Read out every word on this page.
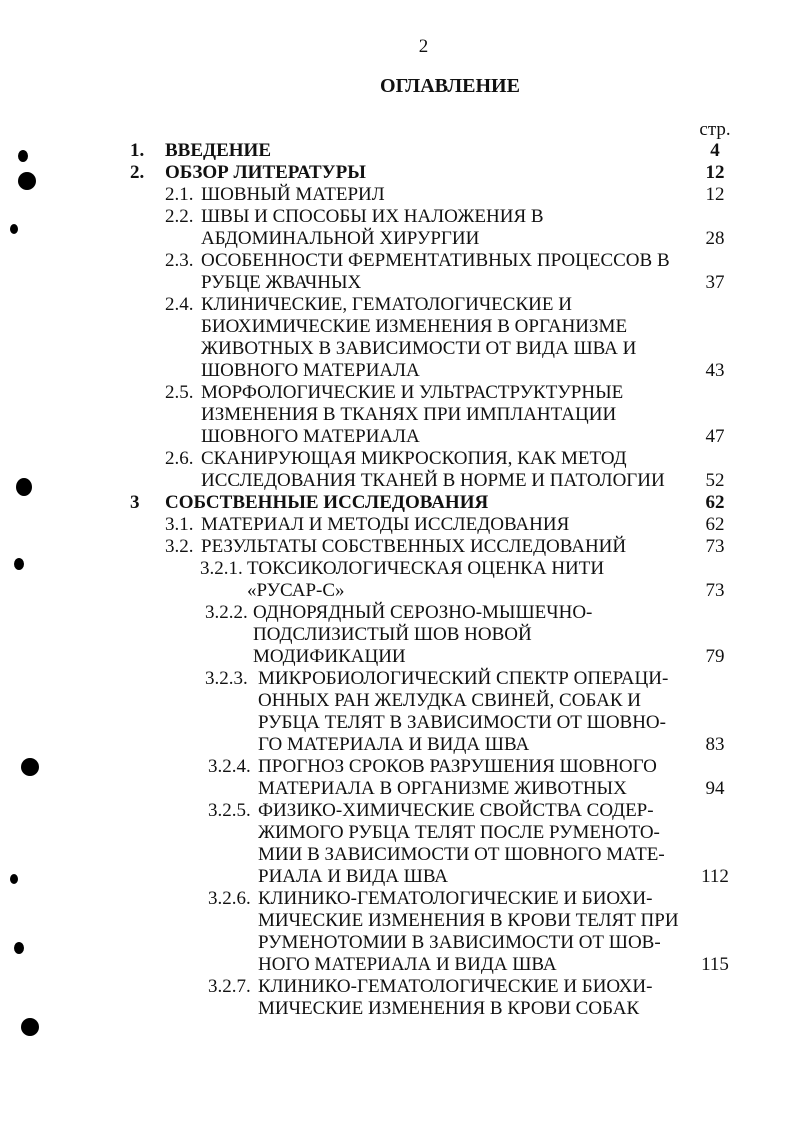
2
ОГЛАВЛЕНИЕ
стр.
1. ВВЕДЕНИЕ	4
2. ОБЗОР ЛИТЕРАТУРЫ	12
2.1. ШОВНЫЙ МАТЕРИЛ	12
2.2. ШВЫ И СПОСОБЫ ИХ НАЛОЖЕНИЯ В
АБДОМИНАЛЬНОЙ ХИРУРГИИ	28
2.3. ОСОБЕННОСТИ ФЕРМЕНТАТИВНЫХ ПРОЦЕССОВ В
РУБЦЕ ЖВАЧНЫХ	37
2.4. КЛИНИЧЕСКИЕ, ГЕМАТОЛОГИЧЕСКИЕ И
БИОХИМИЧЕСКИЕ ИЗМЕНЕНИЯ В ОРГАНИЗМЕ
ЖИВОТНЫХ В ЗАВИСИМОСТИ ОТ ВИДА ШВА И
ШОВНОГО МАТЕРИАЛА	43
2.5. МОРФОЛОГИЧЕСКИЕ И УЛЬТРАСТРУКТУРНЫЕ
ИЗМЕНЕНИЯ В ТКАНЯХ ПРИ ИМПЛАНТАЦИИ
ШОВНОГО МАТЕРИАЛА	47
2.6. СКАНИРУЮЩАЯ МИКРОСКОПИЯ, КАК МЕТОД
ИССЛЕДОВАНИЯ ТКАНЕЙ В НОРМЕ И ПАТОЛОГИИ	52
3 СОБСТВЕННЫЕ ИССЛЕДОВАНИЯ	62
3.1. МАТЕРИАЛ И МЕТОДЫ ИССЛЕДОВАНИЯ	62
3.2. РЕЗУЛЬТАТЫ СОБСТВЕННЫХ ИССЛЕДОВАНИЙ	73
3.2.1. ТОКСИКОЛОГИЧЕСКАЯ ОЦЕНКА НИТИ
«РУСАР-С»	73
3.2.2. ОДНОРЯДНЫЙ СЕРОЗНО-МЫШЕЧНО-
ПОДСЛИЗИСТЫЙ ШОВ НОВОЙ
МОДИФИКАЦИИ	79
3.2.3. МИКРОБИОЛОГИЧЕСКИЙ СПЕКТР ОПЕРАЦИ-
ОННЫХ РАН ЖЕЛУДКА СВИНЕЙ, СОБАК И
РУБЦА ТЕЛЯТ В ЗАВИСИМОСТИ ОТ ШОВНО-
ГО МАТЕРИАЛА И ВИДА ШВА	83
3.2.4. ПРОГНОЗ СРОКОВ РАЗРУШЕНИЯ ШОВНОГО
МАТЕРИАЛА В ОРГАНИЗМЕ ЖИВОТНЫХ	94
3.2.5. ФИЗИКО-ХИМИЧЕСКИЕ СВОЙСТВА СОДЕР-
ЖИМОГО РУБЦА ТЕЛЯТ ПОСЛЕ РУМЕНОТО-
МИИ В ЗАВИСИМОСТИ ОТ ШОВНОГО МАТЕ-
РИАЛА И ВИДА ШВА	112
3.2.6. КЛИНИКО-ГЕМАТОЛОГИЧЕСКИЕ И БИОХИ-
МИЧЕСКИЕ ИЗМЕНЕНИЯ В КРОВИ ТЕЛЯТ ПРИ
РУМЕНОТОМИИ В ЗАВИСИМОСТИ ОТ ШОВ-
НОГО МАТЕРИАЛА И ВИДА ШВА	115
3.2.7. КЛИНИКО-ГЕМАТОЛОГИЧЕСКИЕ И БИОХИ-
МИЧЕСКИЕ ИЗМЕНЕНИЯ В КРОВИ СОБАК
